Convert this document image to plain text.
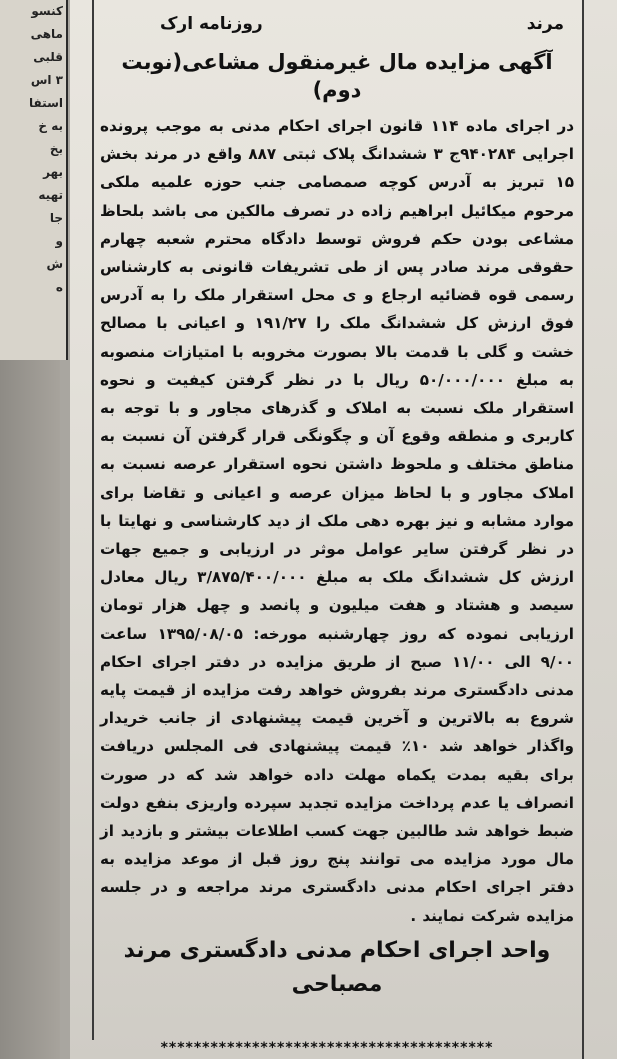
کنسو
ماهی
قلبی
۳ اس
استفا
به خ
بخ
بهر
تهیه
جا
و
ش
ه
مرند
روزنامه ارک
آگهی مزایده مال غیرمنقول مشاعی(نوبت دوم)
در اجرای ماده ۱۱۴ قانون اجرای احکام مدنی به موجب پرونده اجرایی ۹۴۰۲۸۴ج ۳ ششدانگ پلاک ثبتی ۸۸۷ واقع در مرند بخش ۱۵ تبریز به آدرس کوچه صمصامی جنب حوزه علمیه ملکی مرحوم میکائیل ابراهیم زاده در تصرف مالکین می باشد بلحاظ مشاعی بودن حکم فروش توسط دادگاه محترم شعبه چهارم حقوقی مرند صادر پس از طی تشریفات قانونی به کارشناس رسمی قوه قضائیه ارجاع و ی محل استقرار ملک را به آدرس فوق ارزش کل ششدانگ ملک را ۱۹۱/۲۷ و اعیانی با مصالح خشت و گلی با قدمت بالا بصورت مخروبه با امتیازات منصوبه به مبلغ ۵۰/۰۰۰/۰۰۰ ریال با در نظر گرفتن کیفیت و نحوه استقرار ملک نسبت به املاک و گذرهای مجاور و با توجه به کاربری و منطقه وقوع آن و چگونگی قرار گرفتن آن نسبت به مناطق مختلف و ملحوظ داشتن نحوه استقرار عرصه نسبت به املاک مجاور و با لحاظ میزان عرصه و اعیانی و تقاضا برای موارد مشابه و نیز بهره دهی ملک از دید کارشناسی و نهایتا با در نظر گرفتن سایر عوامل موثر در ارزیابی و جمیع جهات ارزش کل ششدانگ ملک به مبلغ ۳/۸۷۵/۴۰۰/۰۰۰ ریال معادل سیصد و هشتاد و هفت میلیون و پانصد و چهل هزار تومان ارزیابی نموده که روز چهارشنبه مورخه: ۱۳۹۵/۰۸/۰۵ ساعت ۹/۰۰ الی ۱۱/۰۰ صبح از طریق مزایده در دفتر اجرای احکام مدنی دادگستری مرند بفروش خواهد رفت مزایده از قیمت پایه شروع به بالاترین و آخرین قیمت پیشنهادی از جانب خریدار واگذار خواهد شد ۱۰٪ قیمت پیشنهادی فی المجلس دریافت برای بقیه بمدت یکماه مهلت داده خواهد شد که در صورت انصراف یا عدم پرداخت مزایده تجدید سپرده واریزی بنفع دولت ضبط خواهد شد طالبین جهت کسب اطلاعات بیشتر و بازدید از مال مورد مزایده می توانند پنج روز قبل از موعد مزایده به دفتر اجرای احکام مدنی دادگستری مرند مراجعه و در جلسه مزایده شرکت نمایند .
واحد اجرای احکام مدنی دادگستری مرند
مصباحی
****************************************
